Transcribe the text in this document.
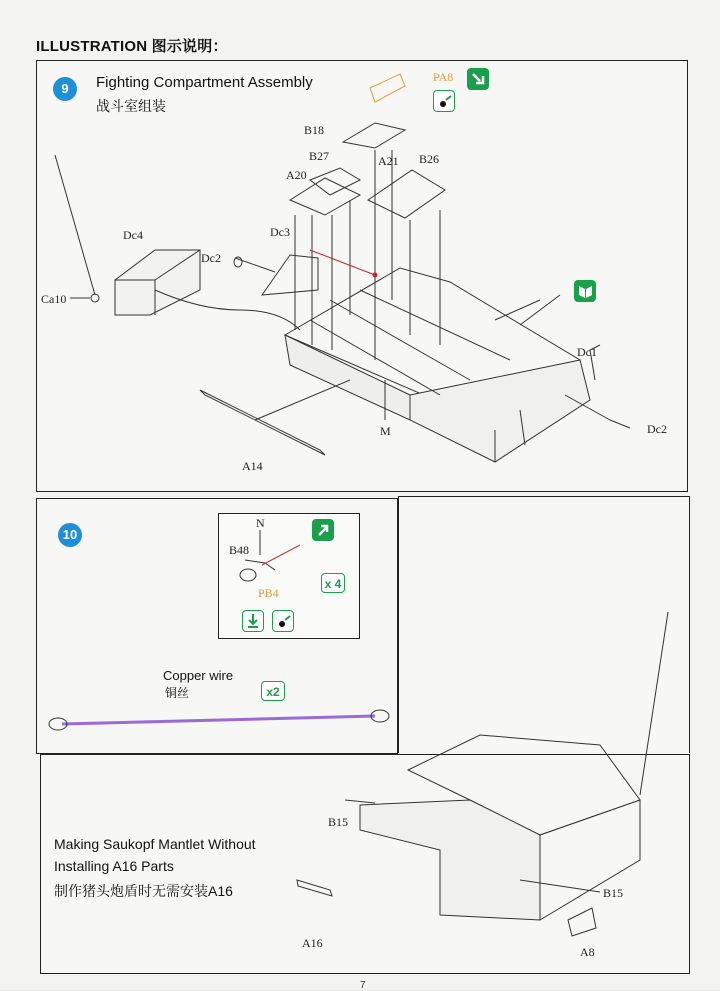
ILLUSTRATION 图示说明：
9	Fighting Compartment Assembly
战斗室组装
PA8
B18
B27	A21 B26
A20
Dc4	Dc3
Dc2
Ca10
Dc1
Dc2
M
A14
10
N
B48
PB4
x 4
Copper wire
铜丝	x2
Making Saukopf Mantlet Without
Installing A16 Parts
制作猪头炮盾时无需安装A16
B15
B15
A16
A8
7
